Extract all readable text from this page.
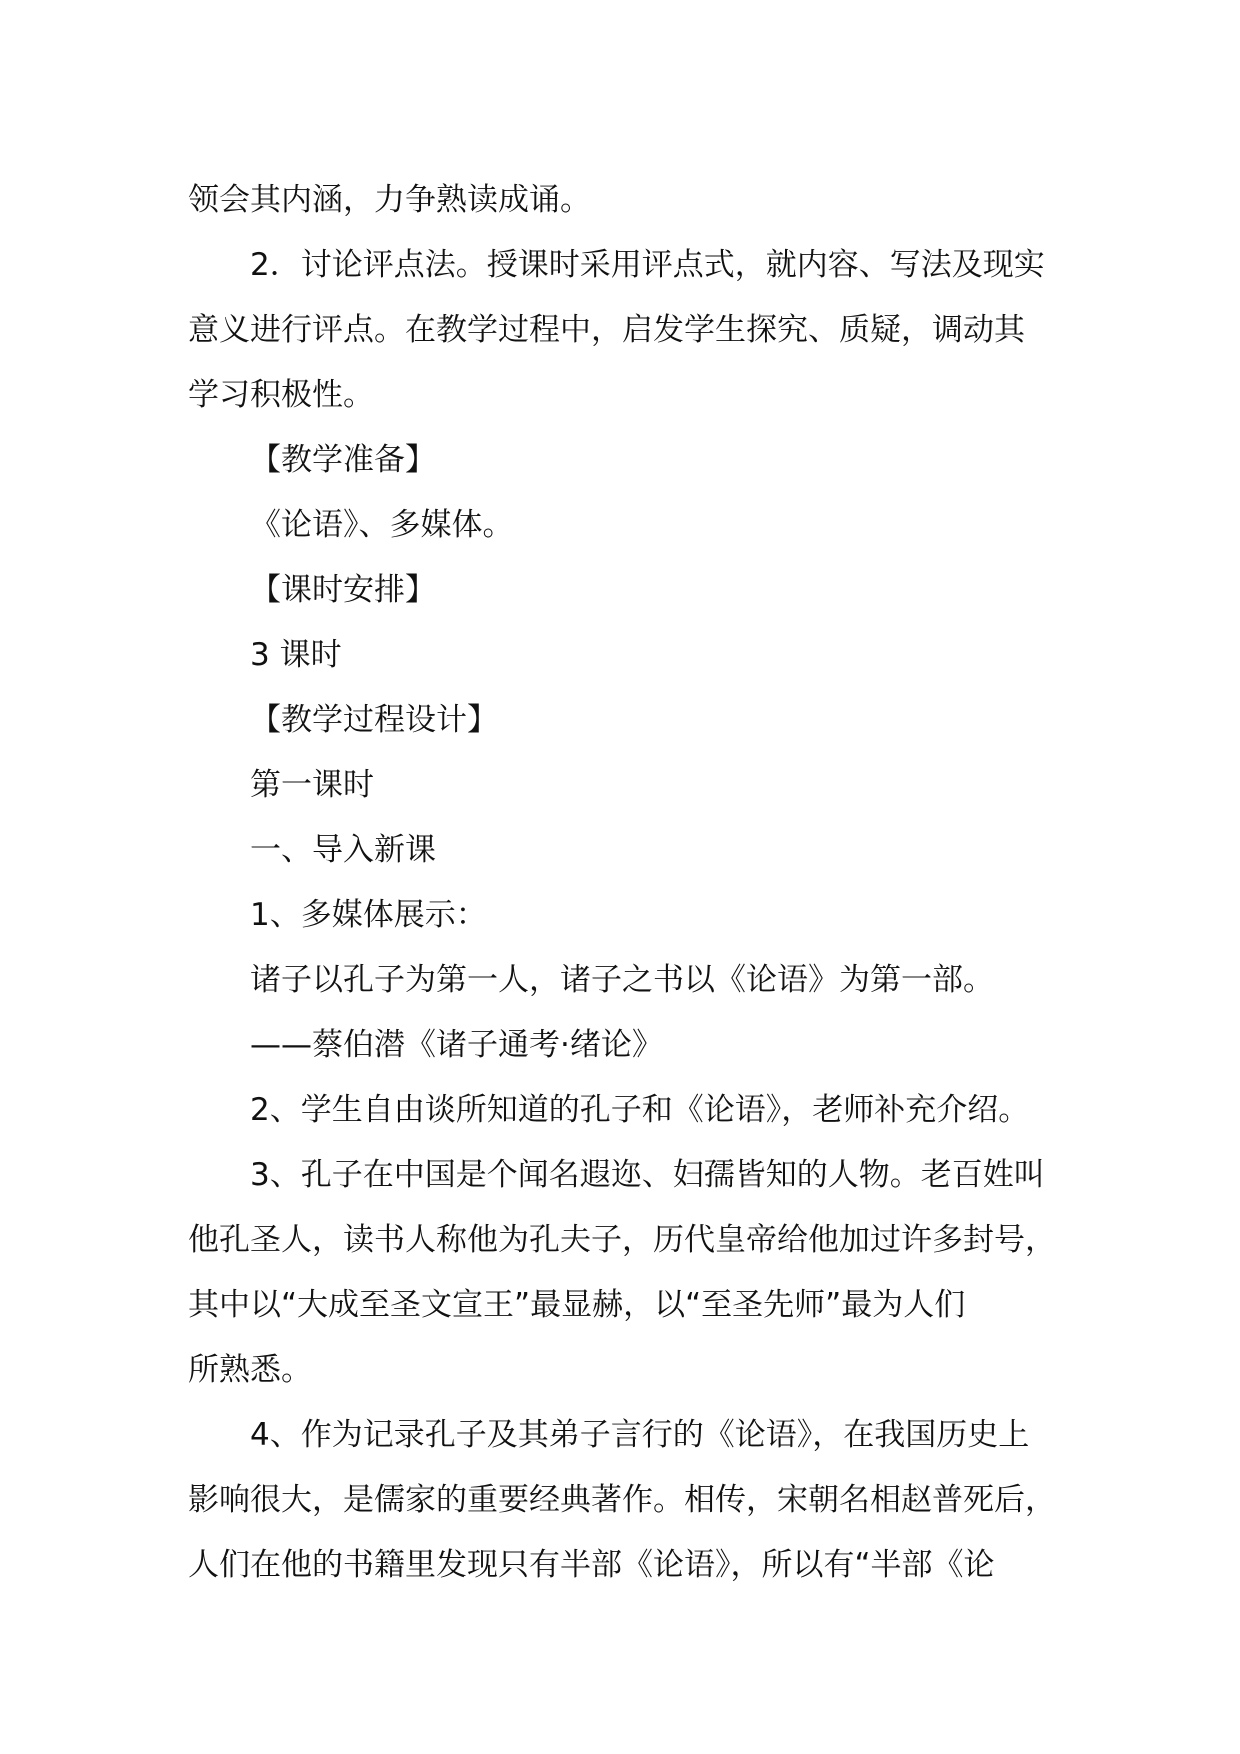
领会其内涵，力争熟读成诵。

2．讨论评点法。授课时采用评点式，就内容、写法及现实

意义进行评点。在教学过程中，启发学生探究、质疑，调动其

学习积极性。

【教学准备】

《论语》、多媒体。

【课时安排】

3 课时

【教学过程设计】

第一课时

一、导入新课

1、多媒体展示：

诸子以孔子为第一人，诸子之书以《论语》为第一部。

——蔡伯潜《诸子通考·绪论》

2、学生自由谈所知道的孔子和《论语》，老师补充介绍。

3、孔子在中国是个闻名遐迩、妇孺皆知的人物。老百姓叫

他孔圣人，读书人称他为孔夫子，历代皇帝给他加过许多封号，

其中以“大成至圣文宣王”最显赫，以“至圣先师”最为人们

所熟悉。

4、作为记录孔子及其弟子言行的《论语》，在我国历史上

影响很大，是儒家的重要经典著作。相传，宋朝名相赵普死后，

人们在他的书籍里发现只有半部《论语》，所以有“半部《论
